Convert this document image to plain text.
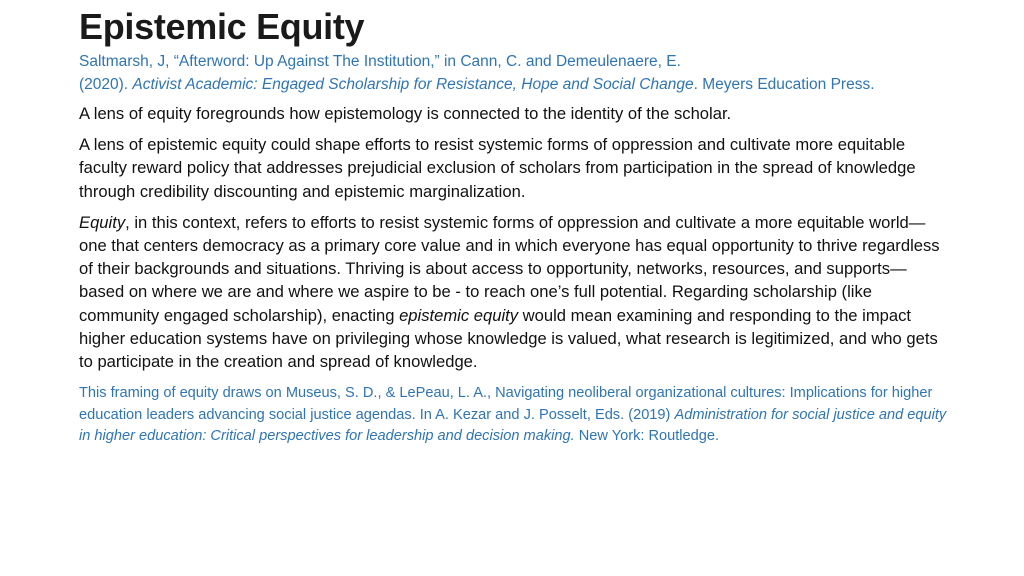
Epistemic Equity

Saltmarsh, J, “Afterword: Up Against The Institution,” in Cann, C. and Demeulenaere, E.
(2020). Activist Academic: Engaged Scholarship for Resistance, Hope and Social Change. Meyers Education Press.

A lens of equity foregrounds how epistemology is connected to the identity of the scholar.

A lens of epistemic equity could shape efforts to resist systemic forms of oppression and cultivate more equitable faculty reward policy that addresses prejudicial exclusion of scholars from participation in the spread of knowledge through credibility discounting and epistemic marginalization.

Equity, in this context, refers to efforts to resist systemic forms of oppression and cultivate a more equitable world—one that centers democracy as a primary core value and in which everyone has equal opportunity to thrive regardless of their backgrounds and situations. Thriving is about access to opportunity, networks, resources, and supports—based on where we are and where we aspire to be - to reach one’s full potential. Regarding scholarship (like community engaged scholarship), enacting epistemic equity would mean examining and responding to the impact higher education systems have on privileging whose knowledge is valued, what research is legitimized, and who gets to participate in the creation and spread of knowledge.

This framing of equity draws on Museus, S. D., & LePeau, L. A., Navigating neoliberal organizational cultures: Implications for higher education leaders advancing social justice agendas. In A. Kezar and J. Posselt, Eds. (2019) Administration for social justice and equity in higher education: Critical perspectives for leadership and decision making. New York: Routledge.
